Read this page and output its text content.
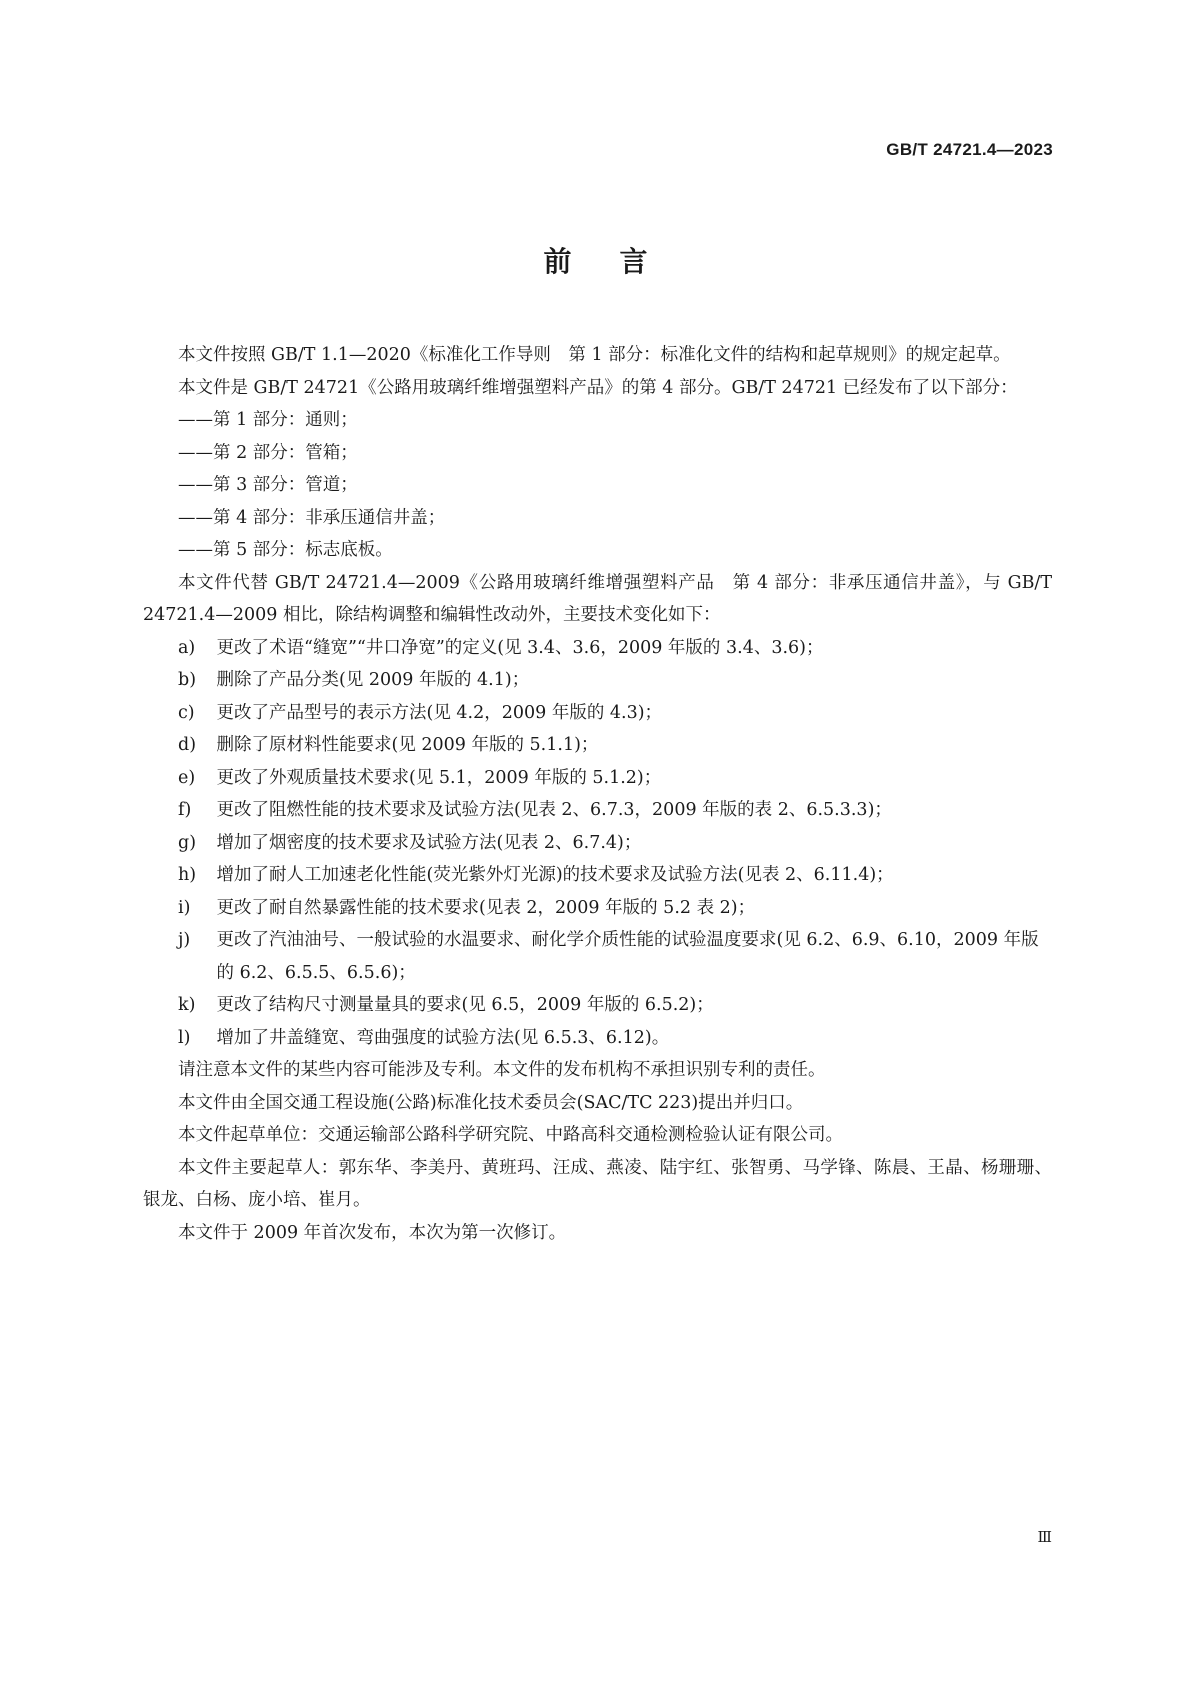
GB/T 24721.4—2023
前言

本文件按照 GB/T 1.1—2020《标准化工作导则　第 1 部分：标准化文件的结构和起草规则》的规定起草。

本文件是 GB/T 24721《公路用玻璃纤维增强塑料产品》的第 4 部分。GB/T 24721 已经发布了以下部分：

——第 1 部分：通则；
——第 2 部分：管箱；
——第 3 部分：管道；
——第 4 部分：非承压通信井盖；
——第 5 部分：标志底板。

本文件代替 GB/T 24721.4—2009《公路用玻璃纤维增强塑料产品　第 4 部分：非承压通信井盖》，与 GB/T 24721.4—2009 相比，除结构调整和编辑性改动外，主要技术变化如下：

a)	更改了术语“缝宽”“井口净宽”的定义(见 3.4、3.6，2009 年版的 3.4、3.6)；
b)	删除了产品分类(见 2009 年版的 4.1)；
c)	更改了产品型号的表示方法(见 4.2，2009 年版的 4.3)；
d)	删除了原材料性能要求(见 2009 年版的 5.1.1)；
e)	更改了外观质量技术要求(见 5.1，2009 年版的 5.1.2)；
f)	更改了阻燃性能的技术要求及试验方法(见表 2、6.7.3，2009 年版的表 2、6.5.3.3)；
g)	增加了烟密度的技术要求及试验方法(见表 2、6.7.4)；
h)	增加了耐人工加速老化性能(荧光紫外灯光源)的技术要求及试验方法(见表 2、6.11.4)；
i)	更改了耐自然暴露性能的技术要求(见表 2，2009 年版的 5.2 表 2)；
j)	更改了汽油油号、一般试验的水温要求、耐化学介质性能的试验温度要求(见 6.2、6.9、6.10，2009 年版的 6.2、6.5.5、6.5.6)；
k)	更改了结构尺寸测量量具的要求(见 6.5，2009 年版的 6.5.2)；
l)	增加了井盖缝宽、弯曲强度的试验方法(见 6.5.3、6.12)。

请注意本文件的某些内容可能涉及专利。本文件的发布机构不承担识别专利的责任。

本文件由全国交通工程设施(公路)标准化技术委员会(SAC/TC 223)提出并归口。

本文件起草单位：交通运输部公路科学研究院、中路高科交通检测检验认证有限公司。

本文件主要起草人：郭东华、李美丹、黄班玛、汪成、燕凌、陆宇红、张智勇、马学锋、陈晨、王晶、杨珊珊、银龙、白杨、庞小培、崔月。

本文件于 2009 年首次发布，本次为第一次修订。

Ⅲ
